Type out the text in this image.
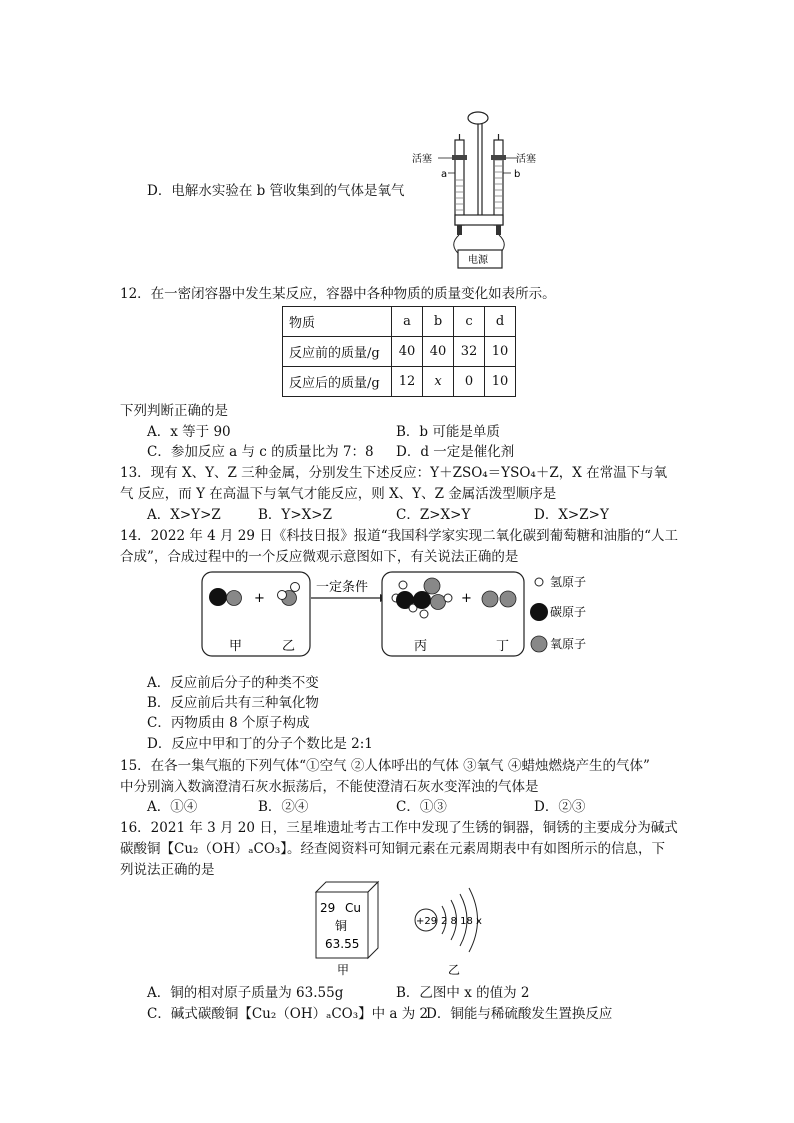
D．电解水实验在 b 管收集到的气体是氧气
活塞	活塞
a	b
电源
12．在一密闭容器中发生某反应，容器中各种物质的质量变化如表所示。
物质	a	b	c	d
反应前的质量/g	40	40	32	10
反应后的质量/g	12	x	0	10
下列判断正确的是
A．x 等于 90	B．b 可能是单质
C．参加反应 a 与 c 的质量比为 7：8 D．d 一定是催化剂
13．现有 X、Y、Z 三种金属，分别发生下述反应：Y＋ZSO₄＝YSO₄＋Z，X 在常温下与氧
气 反应，而 Y 在高温下与氧气才能反应，则 X、Y、Z 金属活泼型顺序是
A．X>Y>Z	B．Y>X>Z	C．Z>X>Y	D．X>Z>Y
14．2022 年 4 月 29 日《科技日报》报道“我国科学家实现二氧化碳到葡萄糖和油脂的“人工
合成”，合成过程中的一个反应微观示意图如下，有关说法正确的是
+
甲	乙
一定条件
+
丙	丁
氢原子
碳原子
氧原子
A．反应前后分子的种类不变
B．反应前后共有三种氧化物
C．丙物质由 8 个原子构成
D．反应中甲和丁的分子个数比是 2:1
15．在各一集气瓶的下列气体“①空气 ②人体呼出的气体 ③氧气 ④蜡烛燃烧产生的气体”
中分别滴入数滴澄清石灰水振荡后，不能使澄清石灰水变浑浊的气体是
A．①④	B．②④	C．①③	D．②③
16．2021 年 3 月 20 日，三星堆遗址考古工作中发现了生锈的铜器，铜锈的主要成分为碱式
碳酸铜【Cu₂（OH）ₐCO₃】。经查阅资料可知铜元素在元素周期表中有如图所示的信息，下
列说法正确的是
29 Cu
铜
63.55
甲
+29 2 8 18 x
乙
A．铜的相对原子质量为 63.55g	B．乙图中 x 的值为 2
C．碱式碳酸铜【Cu₂（OH）ₐCO₃】中 a 为 2
D．铜能与稀硫酸发生置换反应
